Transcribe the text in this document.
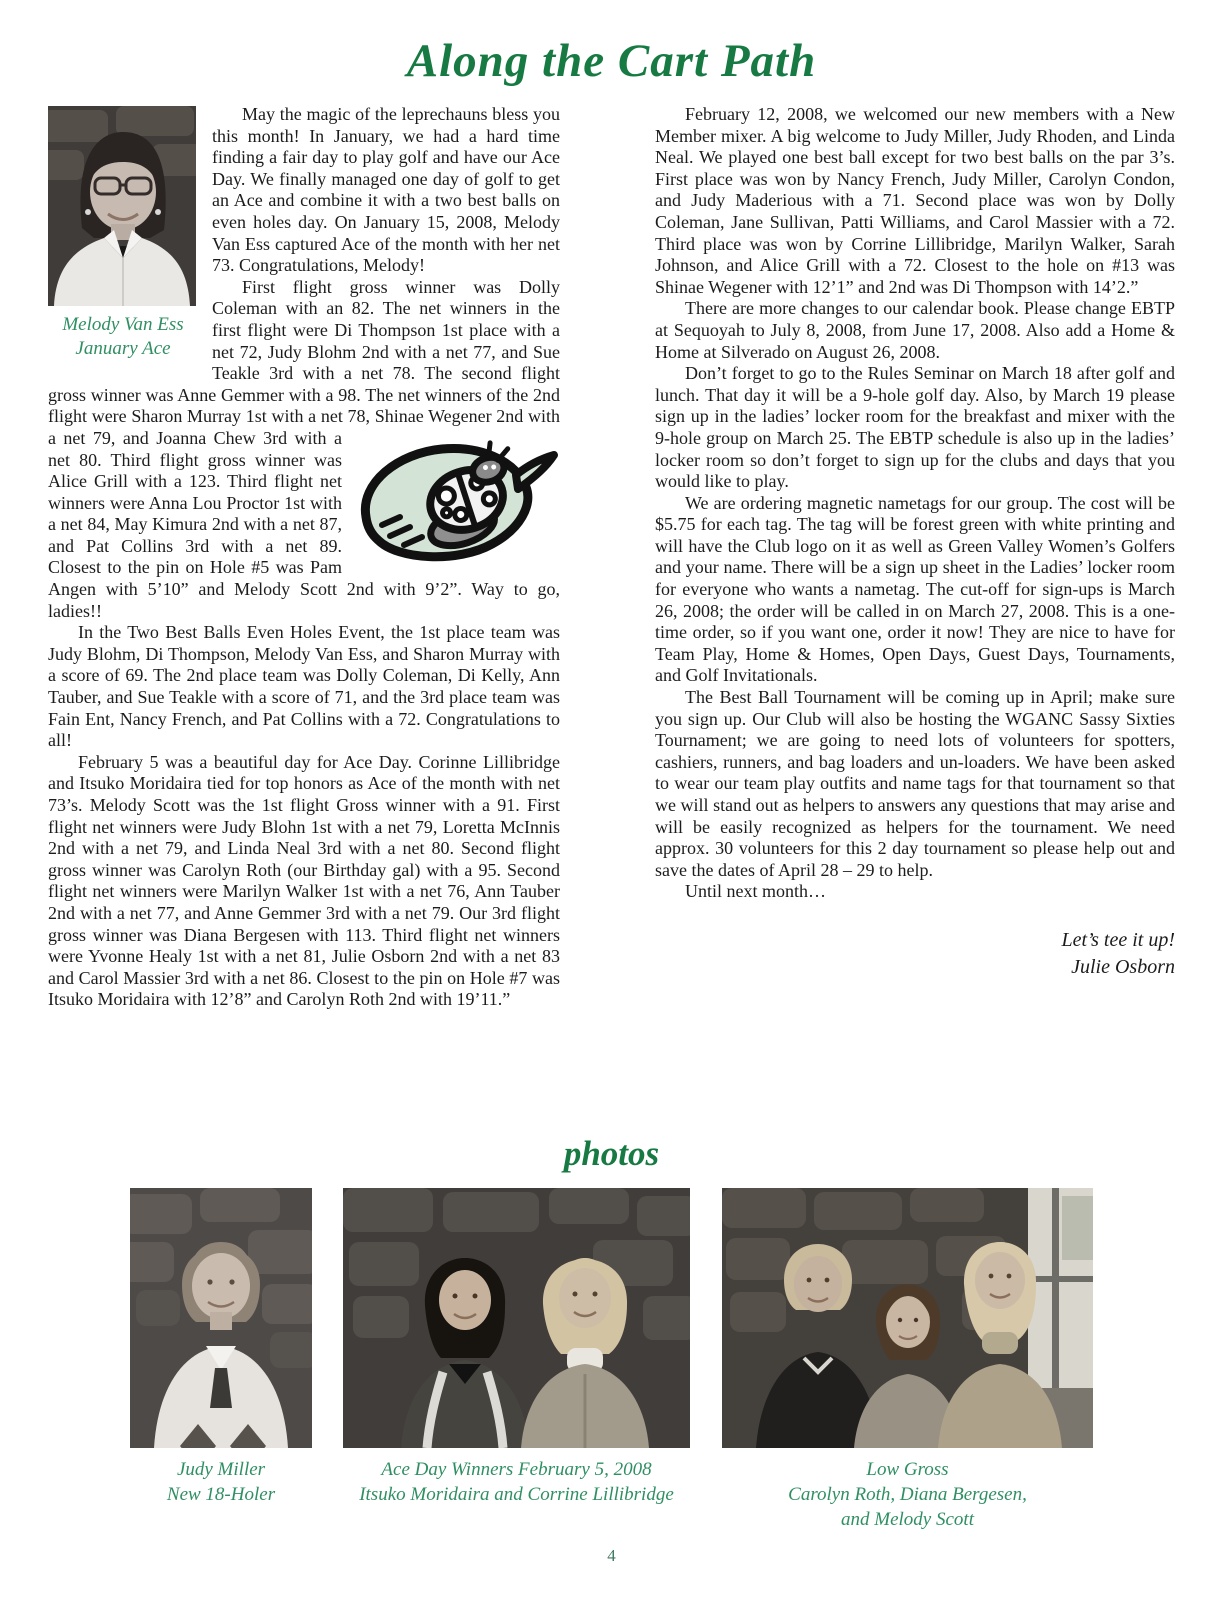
Along the Cart Path
Melody Van Ess
January Ace

May the magic of the leprechauns bless you this month! In January, we had a hard time finding a fair day to play golf and have our Ace Day. We finally managed one day of golf to get an Ace and combine it with a two best balls on even holes day. On January 15, 2008, Melody Van Ess captured Ace of the month with her net 73. Congratulations, Melody!

First flight gross winner was Dolly Coleman with an 82. The net winners in the first flight were Di Thompson 1st place with a net 72, Judy Blohm 2nd with a net 77, and Sue Teakle 3rd with a net 78. The second flight gross winner was Anne Gemmer with a 98. The net winners of the 2nd flight were Sharon Murray 1st with a net 78, Shinae Wegener 2nd with a net 79, and Joanna Chew 3rd with a net 80. Third flight gross winner was Alice Grill with a 123. Third flight net winners were Anna Lou Proctor 1st with a net 84, May Kimura 2nd with a net 87, and Pat Collins 3rd with a net 89. Closest to the pin on Hole #5 was Pam Angen with 5’10” and Melody Scott 2nd with 9’2”. Way to go, ladies!!

In the Two Best Balls Even Holes Event, the 1st place team was Judy Blohm, Di Thompson, Melody Van Ess, and Sharon Murray with a score of 69. The 2nd place team was Dolly Coleman, Di Kelly, Ann Tauber, and Sue Teakle with a score of 71, and the 3rd place team was Fain Ent, Nancy French, and Pat Collins with a 72. Congratulations to all!

February 5 was a beautiful day for Ace Day. Corinne Lillibridge and Itsuko Moridaira tied for top honors as Ace of the month with net 73’s. Melody Scott was the 1st flight Gross winner with a 91. First flight net winners were Judy Blohn 1st with a net 79, Loretta McInnis 2nd with a net 79, and Linda Neal 3rd with a net 80. Second flight gross winner was Carolyn Roth (our Birthday gal) with a 95. Second flight net winners were Marilyn Walker 1st with a net 76, Ann Tauber 2nd with a net 77, and Anne Gemmer 3rd with a net 79. Our 3rd flight gross winner was Diana Bergesen with 113. Third flight net winners were Yvonne Healy 1st with a net 81, Julie Osborn 2nd with a net 83 and Carol Massier 3rd with a net 86. Closest to the pin on Hole #7 was Itsuko Moridaira with 12’8” and Carolyn Roth 2nd with 19’11.”

February 12, 2008, we welcomed our new members with a New Member mixer. A big welcome to Judy Miller, Judy Rhoden, and Linda Neal. We played one best ball except for two best balls on the par 3’s. First place was won by Nancy French, Judy Miller, Carolyn Condon, and Judy Maderious with a 71. Second place was won by Dolly Coleman, Jane Sullivan, Patti Williams, and Carol Massier with a 72. Third place was won by Corrine Lillibridge, Marilyn Walker, Sarah Johnson, and Alice Grill with a 72. Closest to the hole on #13 was Shinae Wegener with 12’1” and 2nd was Di Thompson with 14’2.”

There are more changes to our calendar book. Please change EBTP at Sequoyah to July 8, 2008, from June 17, 2008. Also add a Home & Home at Silverado on August 26, 2008.

Don’t forget to go to the Rules Seminar on March 18 after golf and lunch. That day it will be a 9-hole golf day. Also, by March 19 please sign up in the ladies’ locker room for the breakfast and mixer with the 9-hole group on March 25. The EBTP schedule is also up in the ladies’ locker room so don’t forget to sign up for the clubs and days that you would like to play.

We are ordering magnetic nametags for our group. The cost will be $5.75 for each tag. The tag will be forest green with white printing and will have the Club logo on it as well as Green Valley Women’s Golfers and your name. There will be a sign up sheet in the Ladies’ locker room for everyone who wants a nametag. The cut-off for sign-ups is March 26, 2008; the order will be called in on March 27, 2008. This is a one-time order, so if you want one, order it now! They are nice to have for Team Play, Home & Homes, Open Days, Guest Days, Tournaments, and Golf Invitationals.

The Best Ball Tournament will be coming up in April; make sure you sign up. Our Club will also be hosting the WGANC Sassy Sixties Tournament; we are going to need lots of volunteers for spotters, cashiers, runners, and bag loaders and un-loaders. We have been asked to wear our team play outfits and name tags for that tournament so that we will stand out as helpers to answers any questions that may arise and will be easily recognized as helpers for the tournament. We need approx. 30 volunteers for this 2 day tournament so please help out and save the dates of April 28 – 29 to help.

Until next month…

Let’s tee it up!
Julie Osborn
photos
Judy Miller
New 18-Holer
Ace Day Winners February 5, 2008
Itsuko Moridaira and Corrine Lillibridge
Low Gross
Carolyn Roth, Diana Bergesen,
and Melody Scott
4
